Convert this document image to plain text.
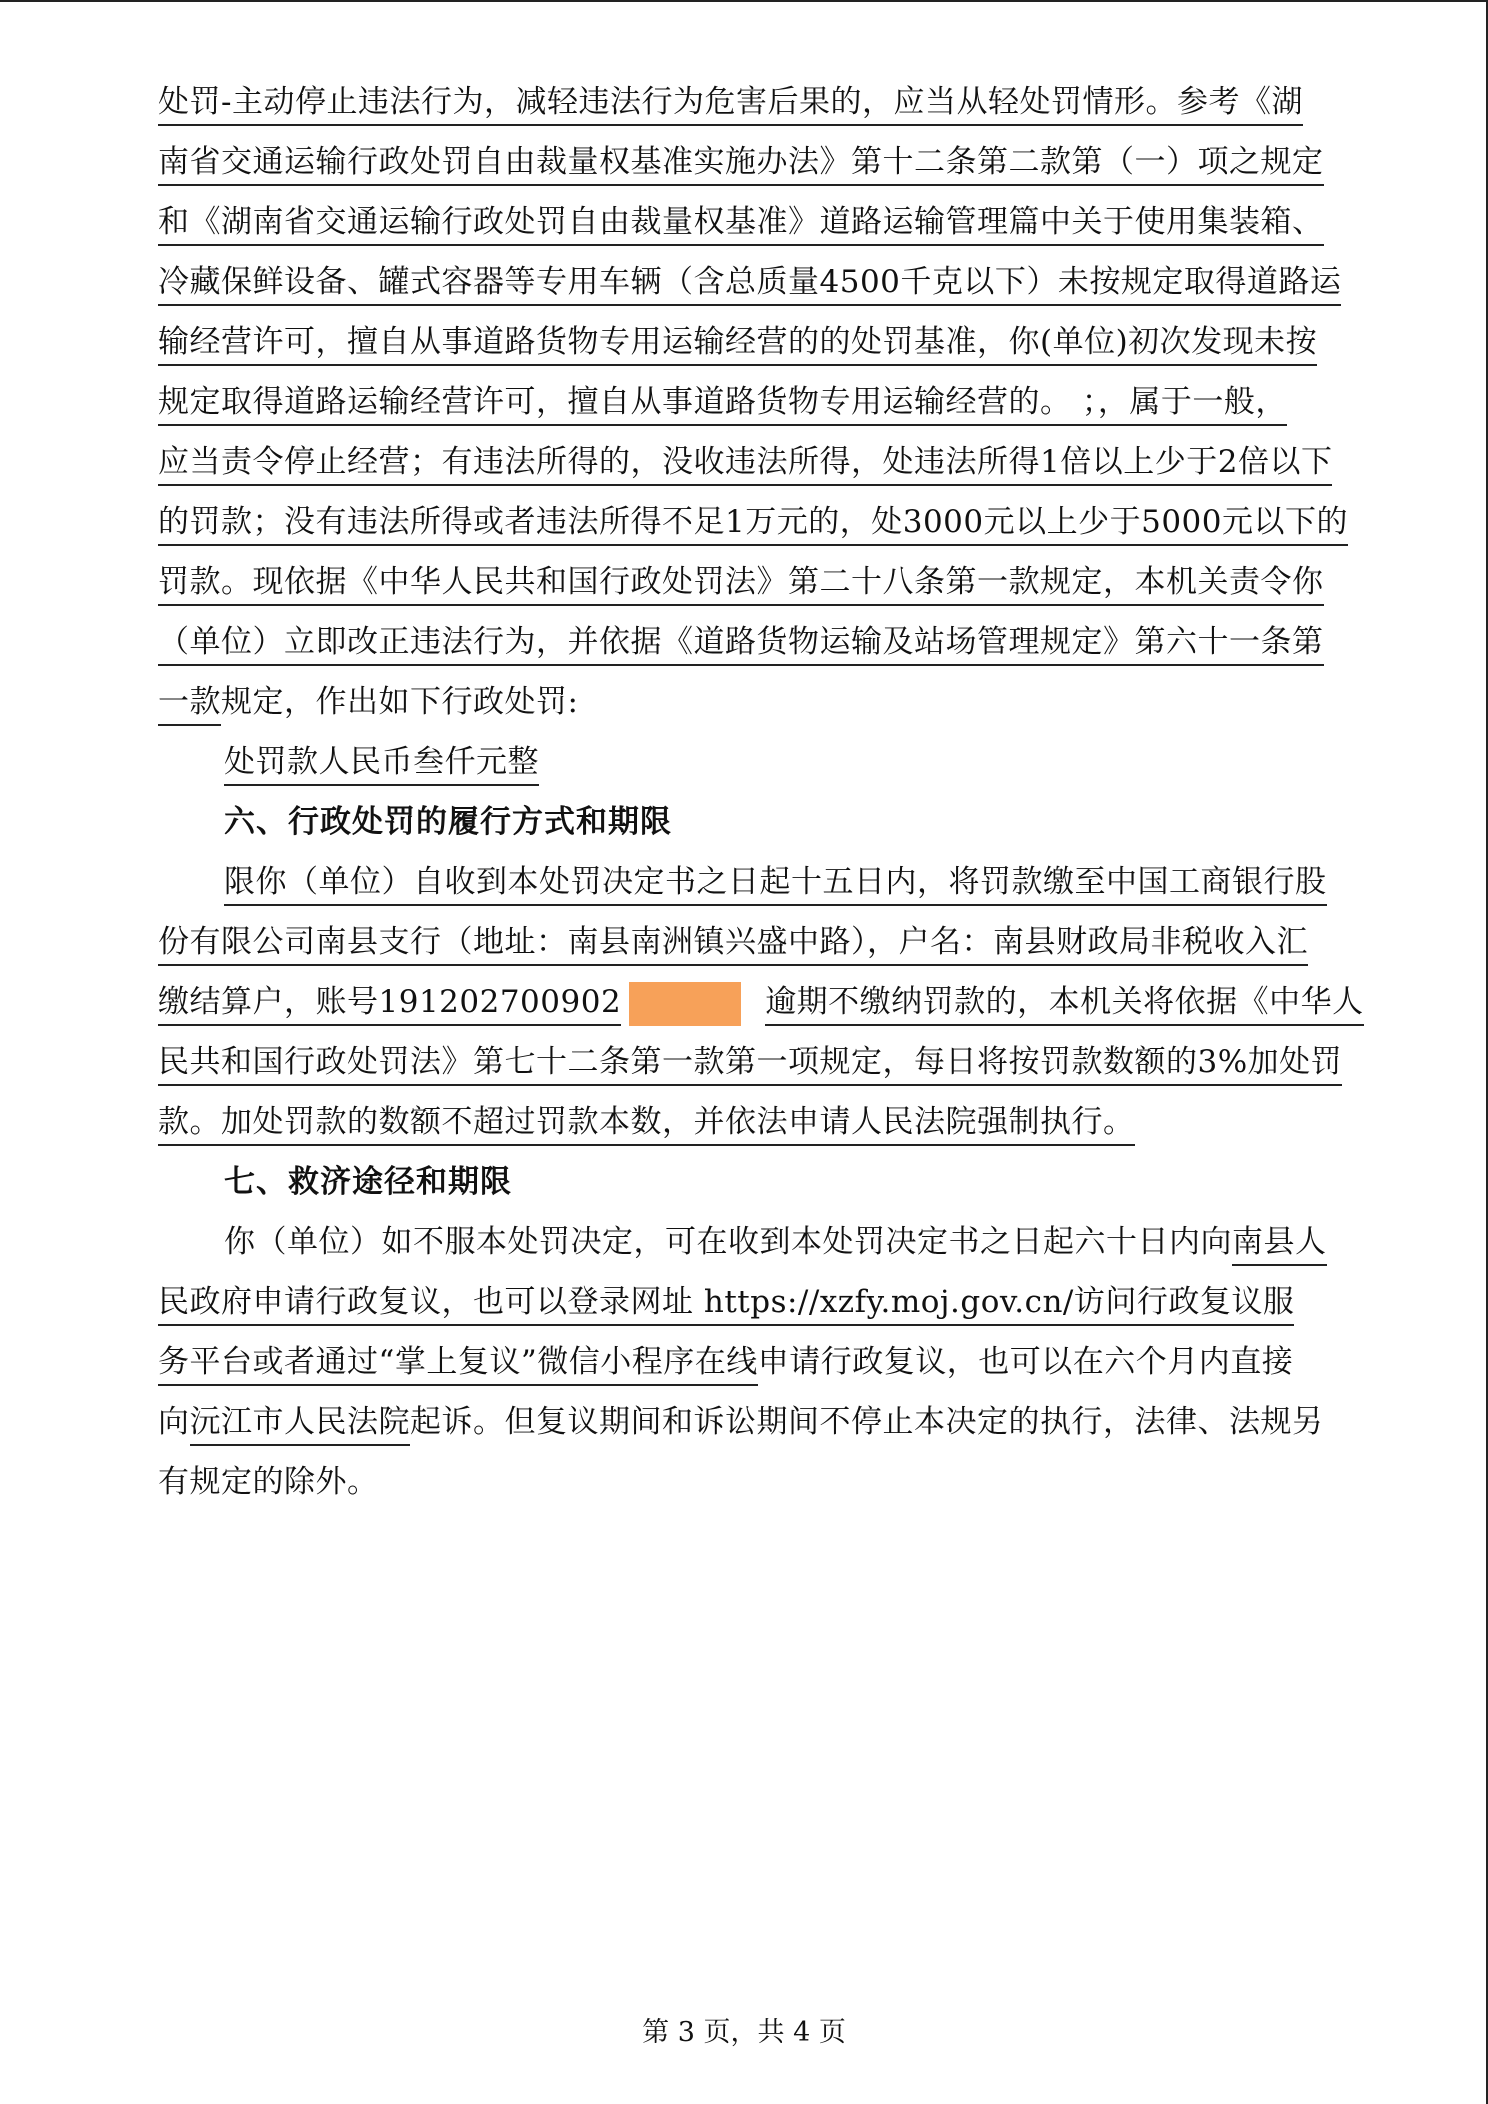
处罚-主动停止违法行为，减轻违法行为危害后果的，应当从轻处罚情形。参考《湖
南省交通运输行政处罚自由裁量权基准实施办法》第十二条第二款第（一）项之规定
和《湖南省交通运输行政处罚自由裁量权基准》道路运输管理篇中关于使用集装箱、
冷藏保鲜设备、罐式容器等专用车辆（含总质量4500千克以下）未按规定取得道路运
输经营许可，擅自从事道路货物专用运输经营的的处罚基准，你(单位)初次发现未按
规定取得道路运输经营许可，擅自从事道路货物专用运输经营的。 ；，属于一般，
应当责令停止经营；有违法所得的，没收违法所得，处违法所得1倍以上少于2倍以下
的罚款；没有违法所得或者违法所得不足1万元的，处3000元以上少于5000元以下的
罚款。现依据《中华人民共和国行政处罚法》第二十八条第一款规定，本机关责令你
（单位）立即改正违法行为，并依据《道路货物运输及站场管理规定》第六十一条第
一款规定，作出如下行政处罚:
处罚款人民币叁仟元整
六、行政处罚的履行方式和期限
限你（单位）自收到本处罚决定书之日起十五日内，将罚款缴至中国工商银行股
份有限公司南县支行（地址：南县南洲镇兴盛中路），户名：南县财政局非税收入汇
缴结算户，账号191202700902	逾期不缴纳罚款的，本机关将依据《中华人
民共和国行政处罚法》第七十二条第一款第一项规定，每日将按罚款数额的3%加处罚
款。加处罚款的数额不超过罚款本数，并依法申请人民法院强制执行。
七、救济途径和期限
你（单位）如不服本处罚决定，可在收到本处罚决定书之日起六十日内向南县人
民政府申请行政复议，也可以登录网址 https://xzfy.moj.gov.cn/访问行政复议服
务平台或者通过“掌上复议”微信小程序在线申请行政复议，也可以在六个月内直接
向沅江市人民法院起诉。但复议期间和诉讼期间不停止本决定的执行，法律、法规另
有规定的除外。
第 3 页，共 4 页
